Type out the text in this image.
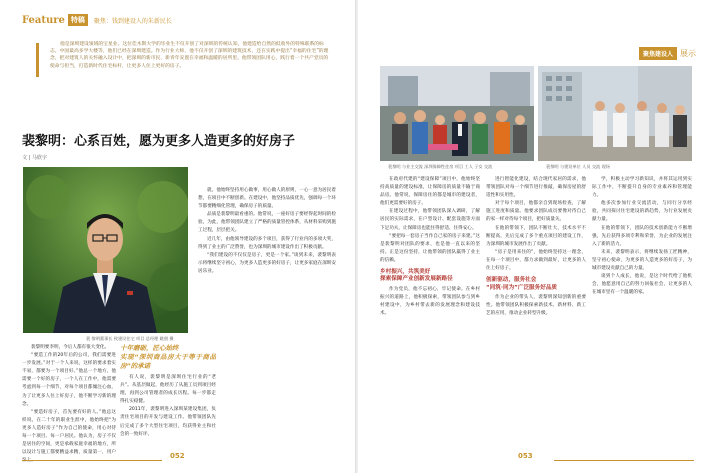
Feature 特稿	聚焦：钱到建设人的朱新民长

他是深圳建设领域的宝星业。这位佳木斯大学的毕业生不仅开创了对深圳的传统认知，他建造给自然的低收外的特殊联系的标志，中国最高多学大楼等，他们已经在深圳建造。作为行业大师，他不仅开创了深圳的建筑技术，还在实践中提出“幸福的住宅”的理念，把对建筑人的关怀融入设计中，把深圳的新市民、新青年安置在幸福和温暖的居所里。他带领团队用心，践行着一个共产党员的使命与担当，打造新时代住宅标杆，让更多人住上更好的房子。

裴黎明：心系百姓，愿为更多人造更多的好房子
文 | 马欣宇
裴 黎明董事长 致建设住宅 项目 总经理 姚朋 摄

裴黎明要李明，今后人都有很大变化。

“要造工作的20年后的公司，我们需要进一步发展。”对于一个人来说，这样的要求着实不易，都要为一个项目好。”他总一个地方，他需要一个好的房子，一个人在工作中，他需要考虑到每一个细节，对每个项目都倾注心血，为了让更多人住上好房子，他不断学习新的理念。

“要造好房子，首先要有好的人。”他总这样说，在二十年的职业生涯中，他始终把“为更多人造好房子”作为自己的使命，用心对待每一个项目、每一户居民。他认为，房子不仅是居住的空间，更是承载家庭幸福的地方，所以设计与施工都要精益求精，质量第一，用户

十年磨砺，匠心始终
实现“深圳商品房大于等于商品房”的承诺

有人说，裴黎明是深圳住宅行业的“老兵”。从基层做起，他经历了从施工员到项目经理，再到公司管理者的成长历程。每一步都走得扎实稳健。

2011年，裴黎明进入深圳某建设集团，负责住宅项目的开发与建设工作。他带领团队先后完成了多个大型住宅项目，均获得业主和社会的一致好评。

就，他始终坚持用心做事，用心做人的原则，一心一意为居民着想，在项目中不断创新。在建设中，他坚持品质优先，强调每一个环节都要精细化管理，确保房子的质量。

品质是裴黎明最看重的。他常说，一座好房子要经得起时间的检验。为此，他带领团队建立了严格的质量管控体系，从材料采购到施工过程，层层把关。

近几年，由他领导建设的多个项目，获得了行业内的多项大奖，得到了业主的广泛赞誉，也为深圳的城市建设作出了积极贡献。

“我们建设的不仅仅是房子，更是一个家。”谈到未来，裴黎明表示将继续坚守初心，为更多人造更多的好房子，让更多家庭在深圳安居乐业。

052
聚焦建设人 展示
裴黎明 与业主交流 深圳保障性住房 项目 工人 子女 交流	裴黎明 与建设单位 人员 交流 现场

在政府代建的“建设保障”项目中，他始终坚持高质量的建设标准，让保障房的质量不输于商品房。他常说，保障房住的都是城市的建设者，他们更需要好的房子。

在建设过程中，他带领团队深入调研，了解居民的实际需求，在户型设计、配套设施等方面下足功夫，让保障房也能住得舒适、住得安心。

“要把每一套房子当作自己家的房子来建。”这是裴黎明对团队的要求，也是他一直以来的坚持。正是这份坚持，让他带领的团队赢得了业主的信赖。

乡村振兴，共筑美好
探索保障产业创新发展新路径

作为党员，他不忘初心，牢记使命。在乡村振兴的道路上，他积极探索，带领团队参与到乡村建设中，为乡村带去新的发展理念和建设技术。

进行智能化建设，结合现代家居的需求，他带领团队对每一个细节进行推敲，确保房屋的舒适性和实用性。

对于每个项目，他都亲自到现场检查，了解施工进度和质量。他要求团队成员要像对待自己的家一样对待每个项目，把好质量关。

在他的带领下，团队不断壮大，技术水平不断提高，先后完成了多个重点项目的建设工作，为深圳的城市发展作出了贡献。

“房子是用来住的”，他始终坚持这一理念，在每一个项目中，都力求做到最好，让更多的人住上好房子。

创新驱动，服务社会
“同筑·同为”广泛服务好品质

作为企业的带头人，裴黎明深知创新的重要性。他带领团队积极探索新技术、新材料、新工艺的应用，推动企业转型升级。

学，积极主动学习新知识，并将其运用到实际工作中，不断提升自身的专业素养和管理能力。

他多次参加行业交流活动，与同行分享经验，共同探讨住宅建设的新趋势，为行业发展贡献力量。

在他的带领下，团队的技术创新能力不断增强，先后获得多项专利和荣誉，为企业的发展注入了新的活力。

未来，裴黎明表示，将继续发扬工匠精神，坚守初心使命，为更多的人造更多的好房子，为城市建设贡献自己的力量。

谈到个人成长，他说，是这个时代给了他机会，他愿意用自己的努力回报社会，让更多的人在城市里有一个温暖的家。

053
